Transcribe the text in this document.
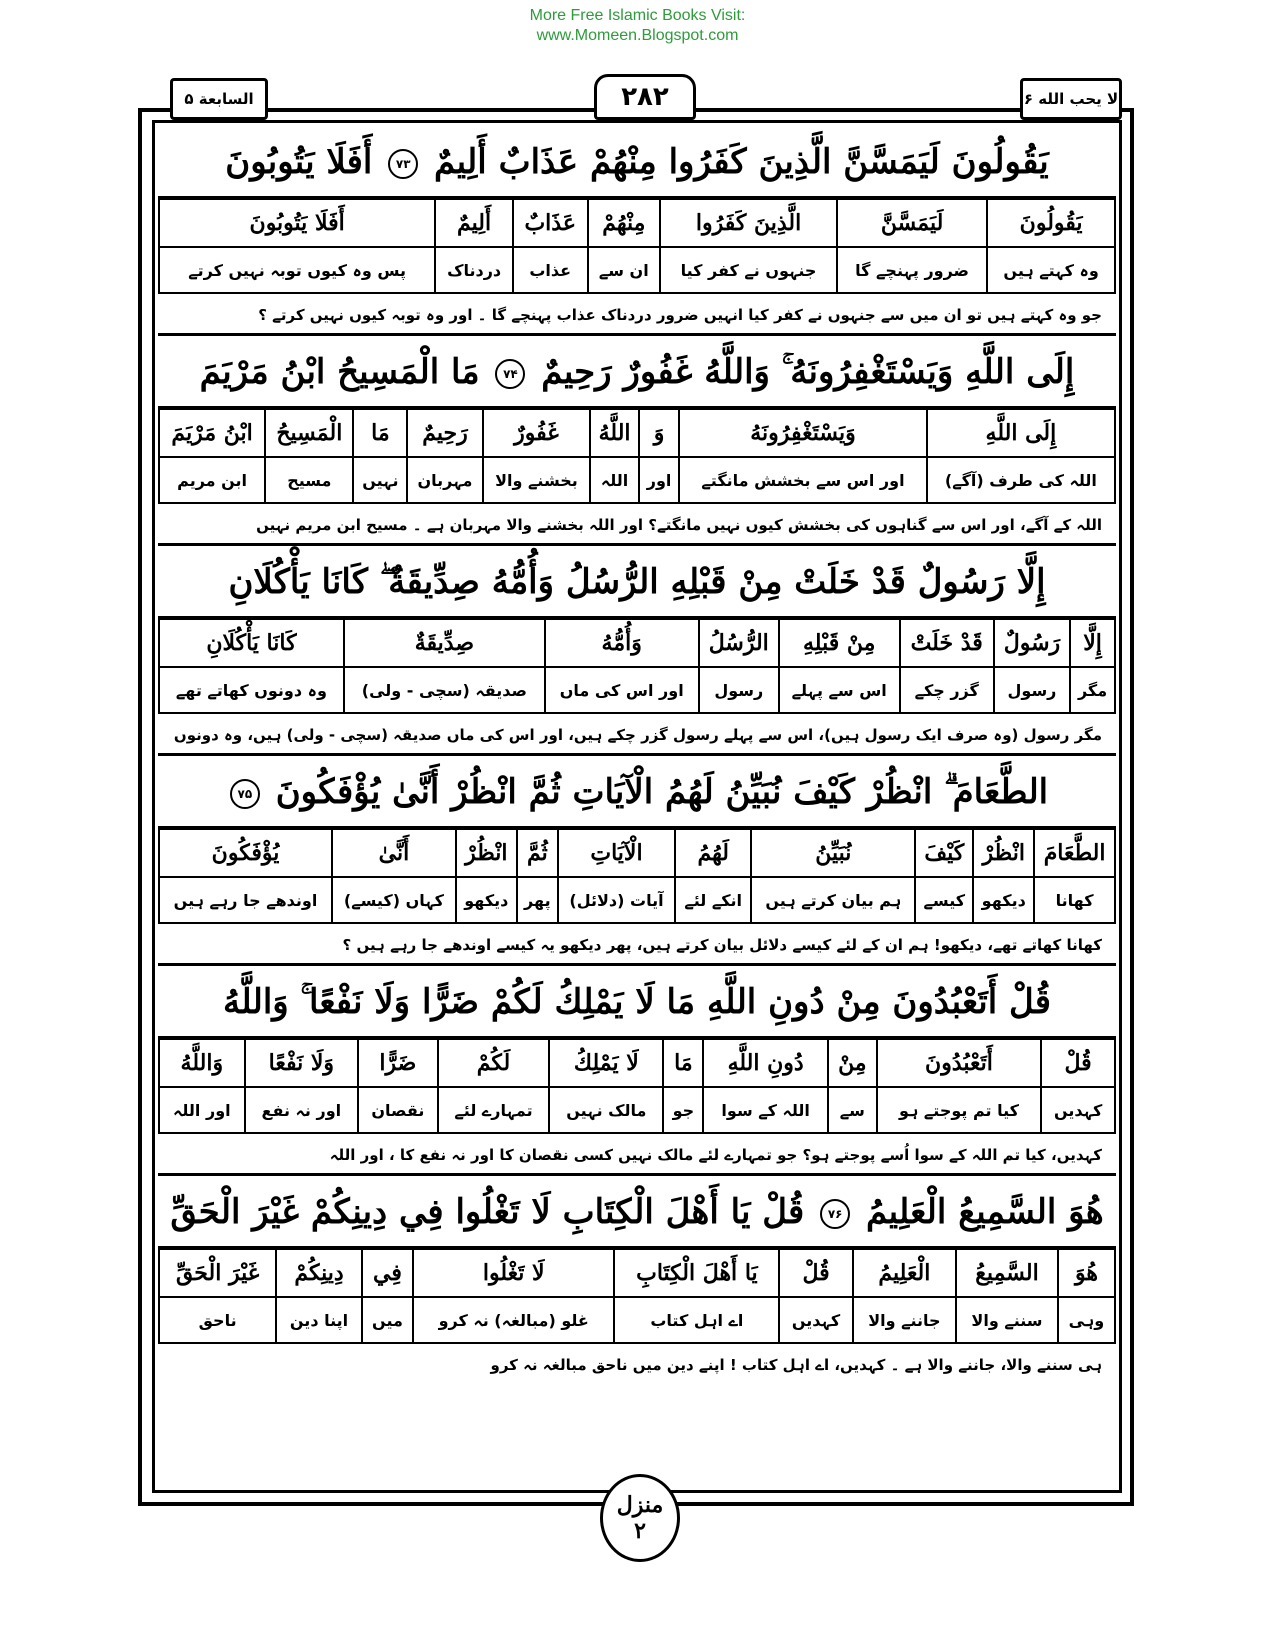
More Free Islamic Books Visit:
www.Momeen.Blogspot.com
السابعة ۵	۲۸۲	لا یحب الله ۶
يَقُولُونَ لَيَمَسَّنَّ الَّذِينَ كَفَرُوا مِنْهُمْ عَذَابٌ أَلِيمٌ ۷۳ أَفَلَا يَتُوبُونَ
يَقُولُونَ	لَيَمَسَّنَّ	الَّذِينَ كَفَرُوا	مِنْهُمْ	عَذَابٌ	أَلِيمٌ	أَفَلَا يَتُوبُونَ
وہ کہتے ہیں	ضرور پہنچے گا	جنہوں نے کفر کیا	ان سے	عذاب	دردناک	پس وہ کیوں توبہ نہیں کرتے
جو وہ کہتے ہیں تو ان میں سے جنہوں نے کفر کیا انہیں ضرور دردناک عذاب پہنچے گا ۔ اور وہ توبہ کیوں نہیں کرتے ؟
إِلَى اللَّهِ وَيَسْتَغْفِرُونَهُ ۚ وَاللَّهُ غَفُورٌ رَحِيمٌ ۷۴ مَا الْمَسِيحُ ابْنُ مَرْيَمَ
إِلَى اللَّهِ	وَيَسْتَغْفِرُونَهُ	وَ	اللَّهُ	غَفُورٌ	رَحِيمٌ	مَا	الْمَسِيحُ	ابْنُ مَرْيَمَ
اللہ کی طرف (آگے)	اور اس سے بخشش مانگتے	اور	اللہ	بخشنے والا	مہربان	نہیں	مسیح	ابن مریم
اللہ کے آگے، اور اس سے گناہوں کی بخشش کیوں نہیں مانگتے؟ اور اللہ بخشنے والا مہربان ہے ۔ مسیح ابن مریم نہیں
إِلَّا رَسُولٌ قَدْ خَلَتْ مِنْ قَبْلِهِ الرُّسُلُ وَأُمُّهُ صِدِّيقَةٌ ۖ كَانَا يَأْكُلَانِ
إِلَّا	رَسُولٌ	قَدْ خَلَتْ	مِنْ قَبْلِهِ	الرُّسُلُ	وَأُمُّهُ	صِدِّيقَةٌ	كَانَا يَأْكُلَانِ
مگر	رسول	گزر چکے	اس سے پہلے	رسول	اور اس کی ماں	صدیقہ (سچی - ولی)	وہ دونوں کھاتے تھے
مگر رسول (وہ صرف ایک رسول ہیں)، اس سے پہلے رسول گزر چکے ہیں، اور اس کی ماں صدیقہ (سچی - ولی) ہیں، وہ دونوں
الطَّعَامَ ۗ انْظُرْ كَيْفَ نُبَيِّنُ لَهُمُ الْآيَاتِ ثُمَّ انْظُرْ أَنَّىٰ يُؤْفَكُونَ ۷۵
الطَّعَامَ	انْظُرْ	كَيْفَ	نُبَيِّنُ	لَهُمُ	الْآيَاتِ	ثُمَّ	انْظُرْ	أَنَّىٰ	يُؤْفَكُونَ
کھانا	دیکھو	کیسے	ہم بیان کرتے ہیں	انکے لئے	آیات (دلائل)	پھر	دیکھو	کہاں (کیسے)	اوندھے جا رہے ہیں
کھانا کھاتے تھے، دیکھو! ہم ان کے لئے کیسے دلائل بیان کرتے ہیں، پھر دیکھو یہ کیسے اوندھے جا رہے ہیں ؟
قُلْ أَتَعْبُدُونَ مِنْ دُونِ اللَّهِ مَا لَا يَمْلِكُ لَكُمْ ضَرًّا وَلَا نَفْعًا ۚ وَاللَّهُ
قُلْ	أَتَعْبُدُونَ	مِنْ	دُونِ اللَّهِ	مَا	لَا يَمْلِكُ	لَكُمْ	ضَرًّا	وَلَا نَفْعًا	وَاللَّهُ
کہدیں	کیا تم پوجتے ہو	سے	اللہ کے سوا	جو	مالک نہیں	تمہارے لئے	نقصان	اور نہ نفع	اور اللہ
کہدیں، کیا تم اللہ کے سوا اُسے پوجتے ہو؟ جو تمہارے لئے مالک نہیں کسی نقصان کا اور نہ نفع کا ، اور اللہ
هُوَ السَّمِيعُ الْعَلِيمُ ۷۶ قُلْ يَا أَهْلَ الْكِتَابِ لَا تَغْلُوا فِي دِينِكُمْ غَيْرَ الْحَقِّ
هُوَ	السَّمِيعُ	الْعَلِيمُ	قُلْ	يَا أَهْلَ الْكِتَابِ	لَا تَغْلُوا	فِي	دِينِكُمْ	غَيْرَ الْحَقِّ
وہی	سننے والا	جاننے والا	کہدیں	اے اہل کتاب	غلو (مبالغہ) نہ کرو	میں	اپنا دین	ناحق
ہی سننے والا، جاننے والا ہے ۔ کہدیں، اے اہل کتاب ! اپنے دین میں ناحق مبالغہ نہ کرو
منزل
۲
